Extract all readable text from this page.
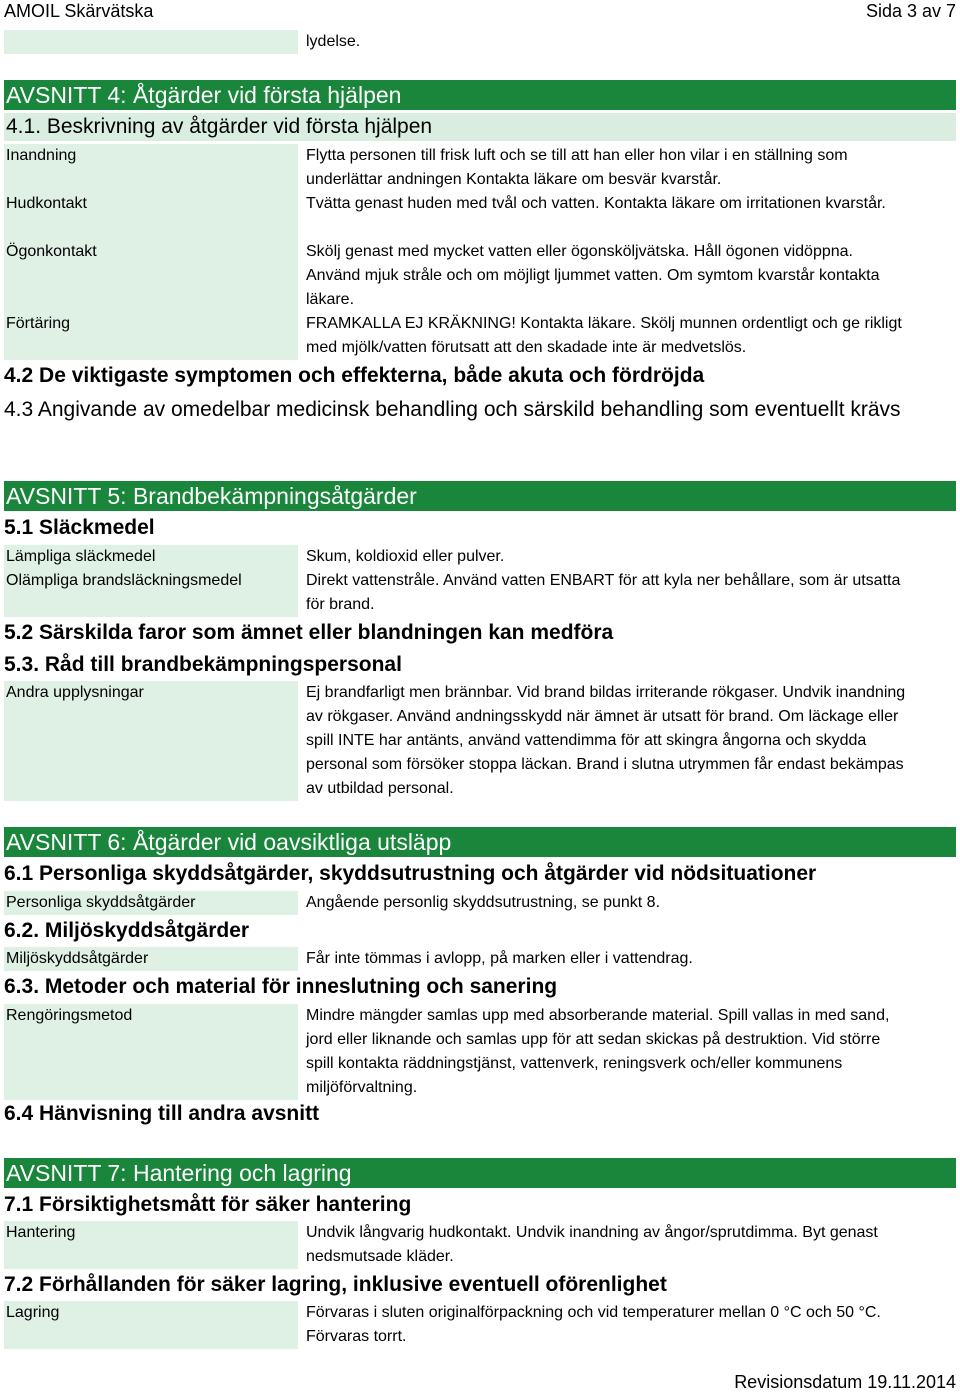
AMOIL Skärvätska	Sida 3 av 7
lydelse.
AVSNITT 4: Åtgärder vid första hjälpen
4.1. Beskrivning av åtgärder vid första hjälpen
Inandning	Flytta personen till frisk luft och se till att han eller hon vilar i en ställning som underlättar andningen Kontakta läkare om besvär kvarstår.
Hudkontakt	Tvätta genast huden med tvål och vatten. Kontakta läkare om irritationen kvarstår.
Ögonkontakt	Skölj genast med mycket vatten eller ögonsköljvätska. Håll ögonen vidöppna. Använd mjuk stråle och om möjligt ljummet vatten. Om symtom kvarstår kontakta läkare.
Förtäring	FRAMKALLA EJ KRÄKNING! Kontakta läkare. Skölj munnen ordentligt och ge rikligt med mjölk/vatten förutsatt att den skadade inte är medvetslös.
4.2 De viktigaste symptomen och effekterna, både akuta och fördröjda
4.3 Angivande av omedelbar medicinsk behandling och särskild behandling som eventuellt krävs
AVSNITT 5: Brandbekämpningsåtgärder
5.1 Släckmedel
Lämpliga släckmedel	Skum, koldioxid eller pulver.
Olämpliga brandsläckningsmedel	Direkt vattenstråle. Använd vatten ENBART för att kyla ner behållare, som är utsatta för brand.
5.2 Särskilda faror som ämnet eller blandningen kan medföra
5.3. Råd till brandbekämpningspersonal
Andra upplysningar	Ej brandfarligt men brännbar. Vid brand bildas irriterande rökgaser. Undvik inandning av rökgaser. Använd andningsskydd när ämnet är utsatt för brand. Om läckage eller spill INTE har antänts, använd vattendimma för att skingra ångorna och skydda personal som försöker stoppa läckan. Brand i slutna utrymmen får endast bekämpas av utbildad personal.
AVSNITT 6: Åtgärder vid oavsiktliga utsläpp
6.1 Personliga skyddsåtgärder, skyddsutrustning och åtgärder vid nödsituationer
Personliga skyddsåtgärder	Angående personlig skyddsutrustning, se punkt 8.
6.2. Miljöskyddsåtgärder
Miljöskyddsåtgärder	Får inte tömmas i avlopp, på marken eller i vattendrag.
6.3. Metoder och material för inneslutning och sanering
Rengöringsmetod	Mindre mängder samlas upp med absorberande material. Spill vallas in med sand, jord eller liknande och samlas upp för att sedan skickas på destruktion. Vid större spill kontakta räddningstjänst, vattenverk, reningsverk och/eller kommunens miljöförvaltning.
6.4 Hänvisning till andra avsnitt
AVSNITT 7: Hantering och lagring
7.1 Försiktighetsmått för säker hantering
Hantering	Undvik långvarig hudkontakt. Undvik inandning av ångor/sprutdimma. Byt genast nedsmutsade kläder.
7.2 Förhållanden för säker lagring, inklusive eventuell oförenlighet
Lagring	Förvaras i sluten originalförpackning och vid temperaturer mellan 0 °C och 50 °C. Förvaras torrt.
Revisionsdatum 19.11.2014
